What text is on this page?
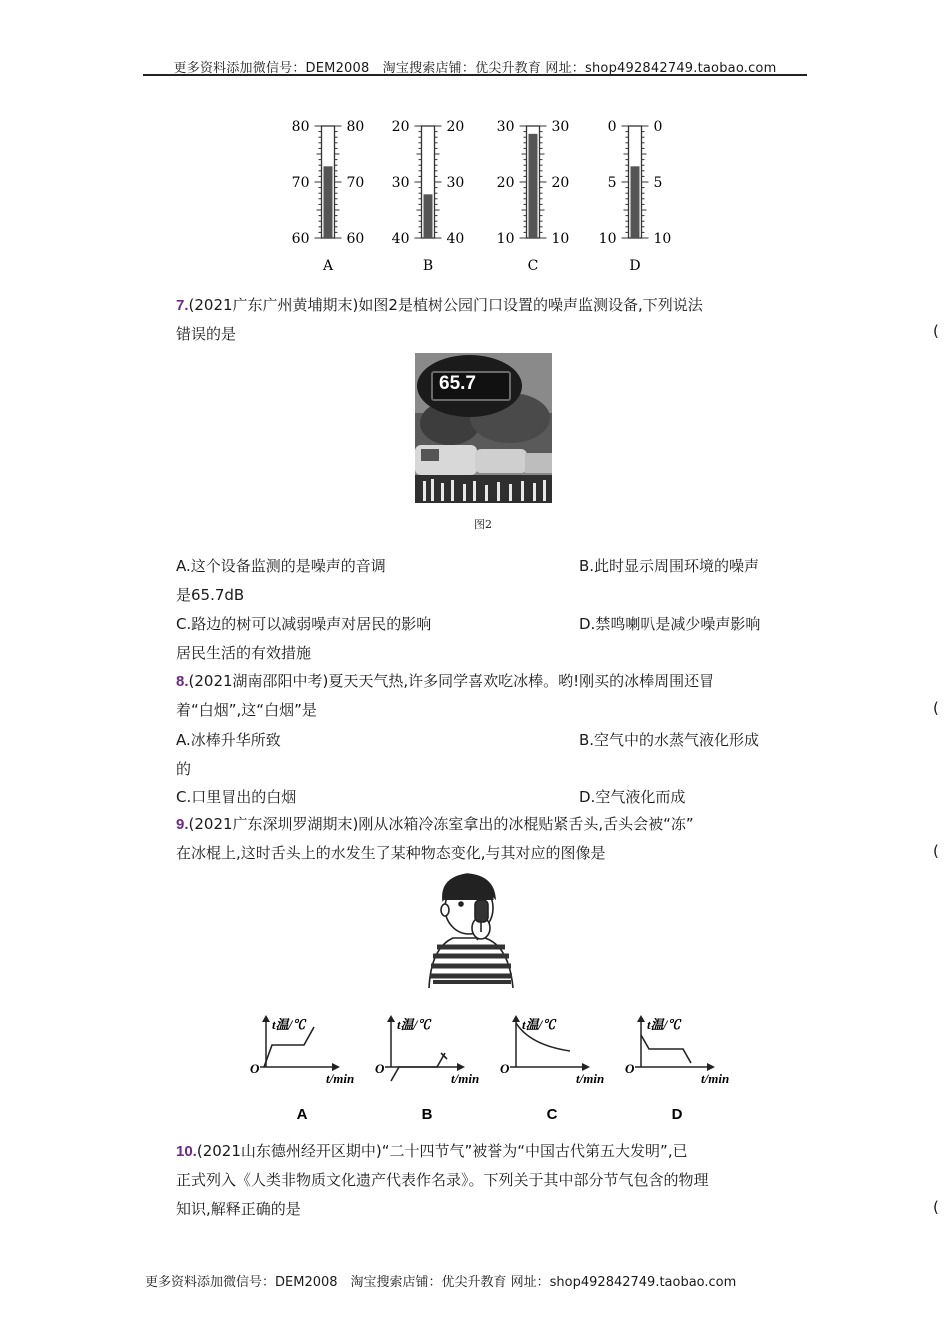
更多资料添加微信号：DEM2008　淘宝搜索店铺：优尖升教育 网址：shop492842749.taobao.com
80	80
70	70
60	60
A
20	20
30	30
40	40
B
30	30
20	20
10	10
C
0	0
5	5
10	10
D
7.(2021广东广州黄埔期末)如图2是植树公园门口设置的噪声监测设备,下列说法
错误的是	(
65.7
图2
A.这个设备监测的是噪声的音调	B.此时显示周围环境的噪声
是65.7dB
C.路边的树可以减弱噪声对居民的影响	D.禁鸣喇叭是减少噪声影响
居民生活的有效措施
8.(2021湖南邵阳中考)夏天天气热,许多同学喜欢吃冰棒。哟!刚买的冰棒周围还冒
着“白烟”,这“白烟”是	(
A.冰棒升华所致	B.空气中的水蒸气液化形成
的
C.口里冒出的白烟	D.空气液化而成
9.(2021广东深圳罗湖期末)刚从冰箱冷冻室拿出的冰棍贴紧舌头,舌头会被“冻”
在冰棍上,这时舌头上的水发生了某种物态变化,与其对应的图像是	(
t温/℃
t/min
O
A
t温/℃
t/min
O
B
t温/℃
t/min
O
C
t温/℃
t/min
O
D
10.(2021山东德州经开区期中)“二十四节气”被誉为“中国古代第五大发明”,已
正式列入《人类非物质文化遗产代表作名录》。下列关于其中部分节气包含的物理
知识,解释正确的是	(
更多资料添加微信号：DEM2008　淘宝搜索店铺：优尖升教育 网址：shop492842749.taobao.com
